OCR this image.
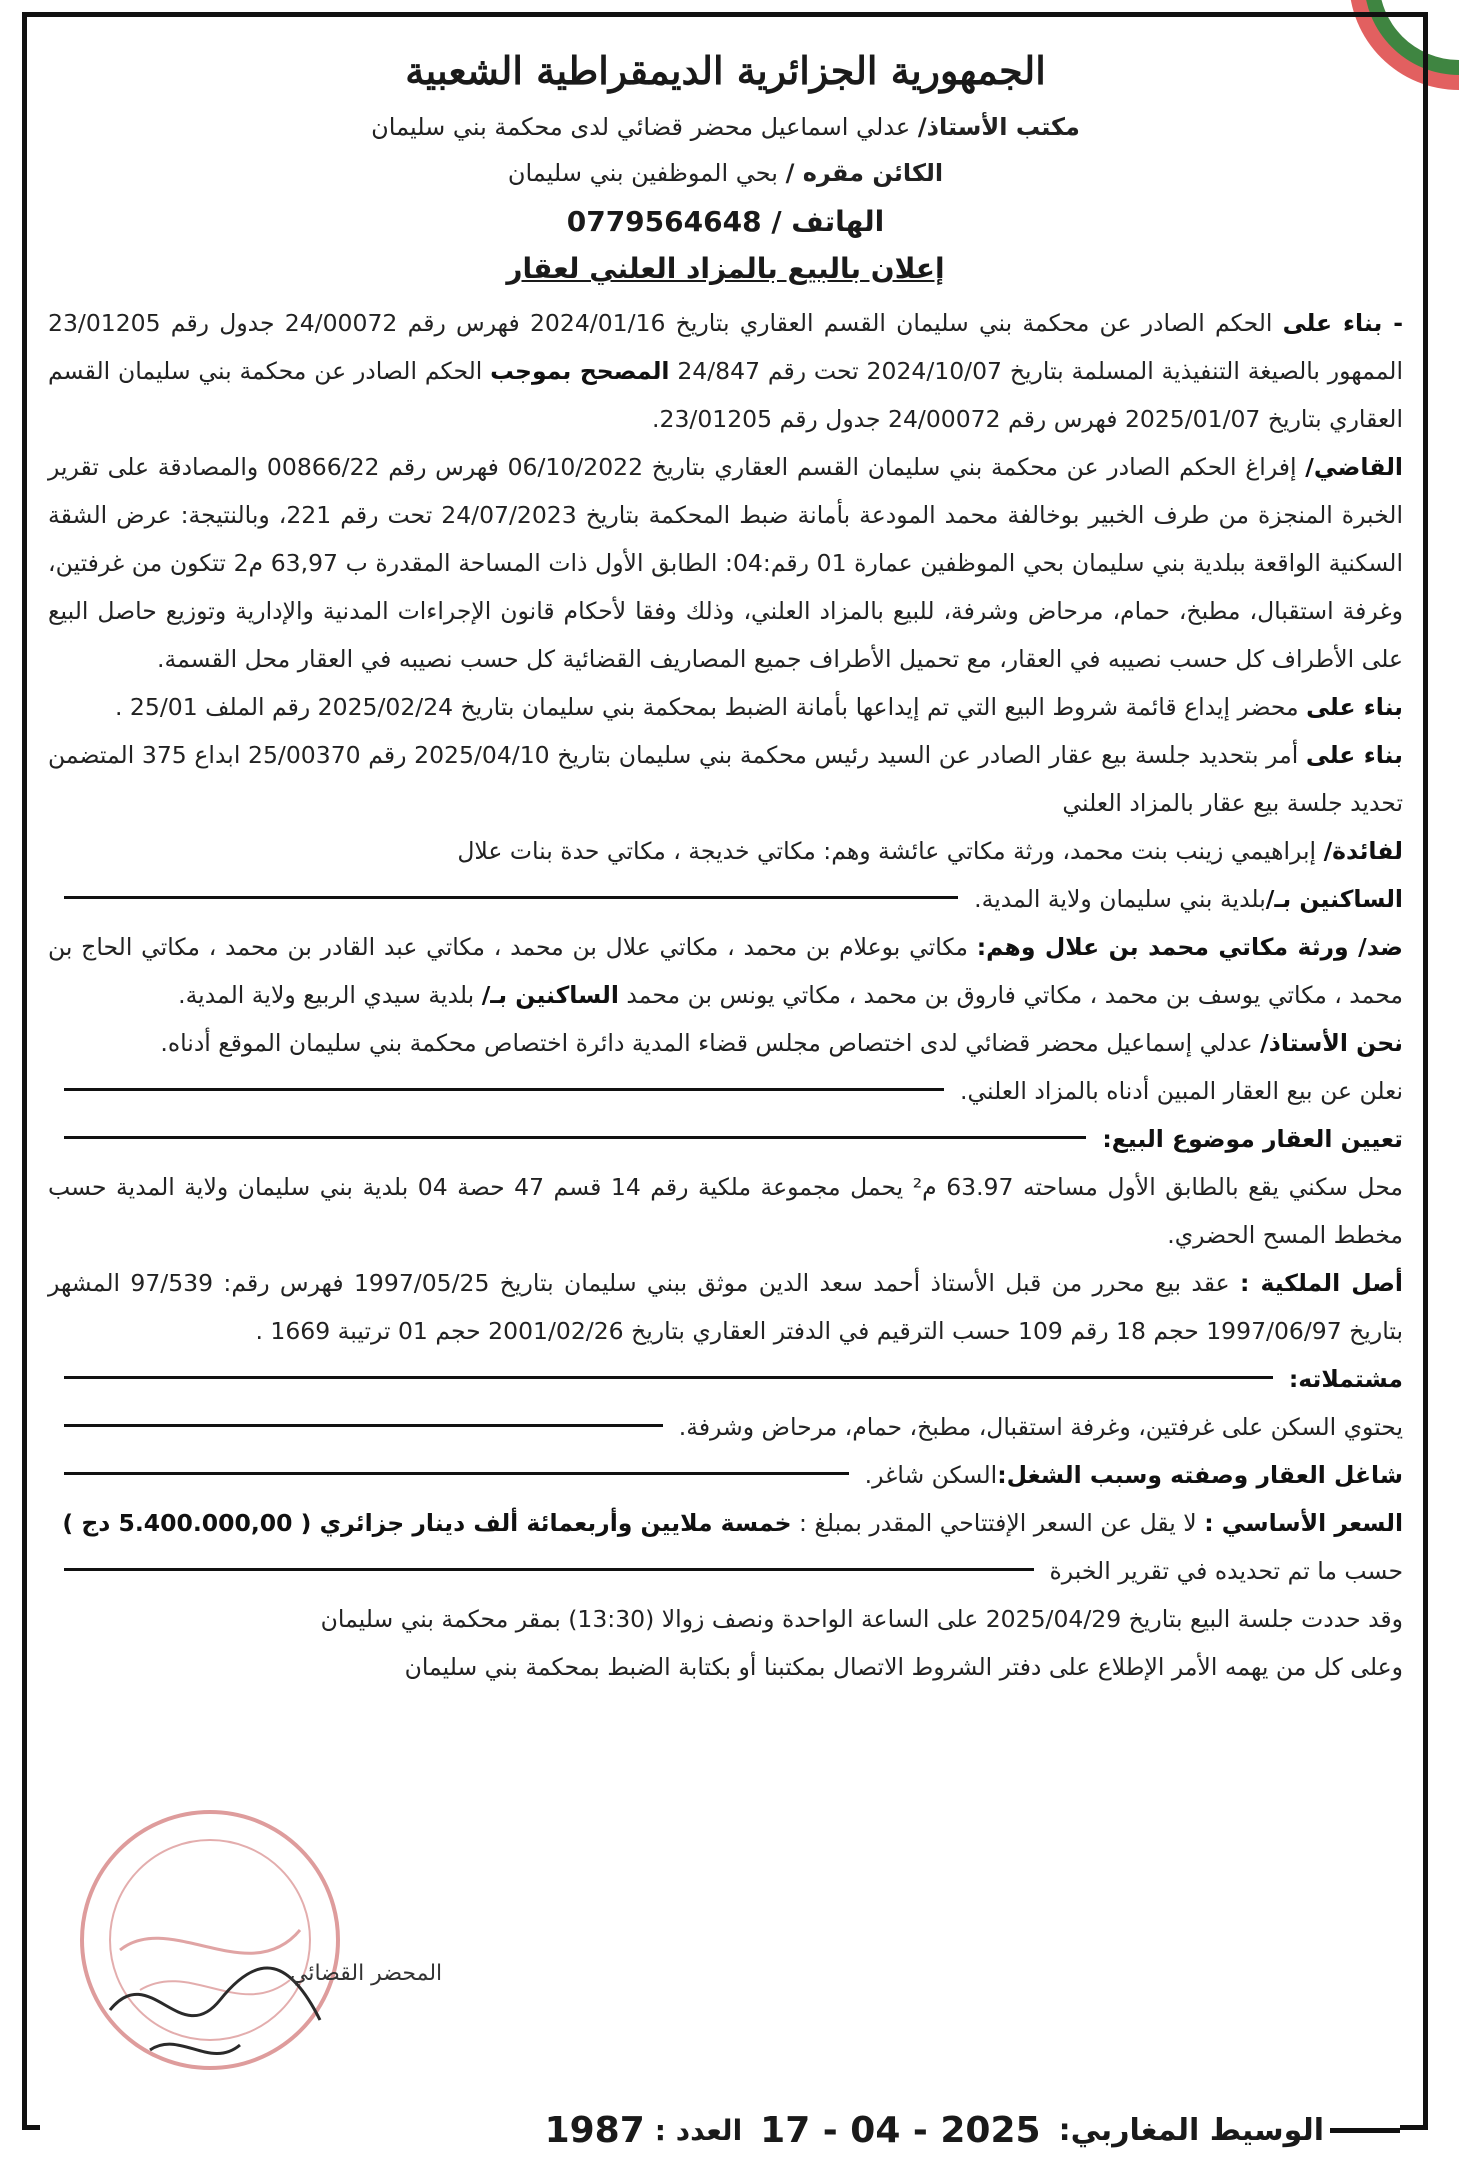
الجمهورية الجزائرية الديمقراطية الشعبية
مكتب الأستاذ/ عدلي اسماعيل محضر قضائي لدى محكمة بني سليمان
الكائن مقره / بحي الموظفين بني سليمان
الهاتف / 0779564648
إعلان بالبيع بالمزاد العلني لعقار

- بناء على الحكم الصادر عن محكمة بني سليمان القسم العقاري بتاريخ 2024/01/16 فهرس رقم 24/00072 جدول رقم 23/01205 الممهور بالصيغة التنفيذية المسلمة بتاريخ 2024/10/07 تحت رقم 24/847 المصحح بموجب الحكم الصادر عن محكمة بني سليمان القسم العقاري بتاريخ 2025/01/07 فهرس رقم 24/00072 جدول رقم 23/01205.

القاضي/ إفراغ الحكم الصادر عن محكمة بني سليمان القسم العقاري بتاريخ 06/10/2022 فهرس رقم 00866/22 والمصادقة على تقرير الخبرة المنجزة من طرف الخبير بوخالفة محمد المودعة بأمانة ضبط المحكمة بتاريخ 24/07/2023 تحت رقم 221، وبالنتيجة: عرض الشقة السكنية الواقعة ببلدية بني سليمان بحي الموظفين عمارة 01 رقم:04: الطابق الأول ذات المساحة المقدرة ب 63,97 م2 تتكون من غرفتين، وغرفة استقبال، مطبخ، حمام، مرحاض وشرفة، للبيع بالمزاد العلني، وذلك وفقا لأحكام قانون الإجراءات المدنية والإدارية وتوزيع حاصل البيع على الأطراف كل حسب نصيبه في العقار، مع تحميل الأطراف جميع المصاريف القضائية كل حسب نصيبه في العقار محل القسمة.

بناء على محضر إيداع قائمة شروط البيع التي تم إيداعها بأمانة الضبط بمحكمة بني سليمان بتاريخ 2025/02/24 رقم الملف 25/01 .

بناء على أمر بتحديد جلسة بيع عقار الصادر عن السيد رئيس محكمة بني سليمان بتاريخ 2025/04/10 رقم 25/00370 ابداع 375 المتضمن تحديد جلسة بيع عقار بالمزاد العلني

لفائدة/ إبراهيمي زينب بنت محمد، ورثة مكاتي عائشة وهم: مكاتي خديجة ، مكاتي حدة بنات علال

الساكنين بـ/
بلدية بني سليمان ولاية المدية.

ضد/ ورثة مكاتي محمد بن علال وهم: مكاتي بوعلام بن محمد ، مكاتي علال بن محمد ، مكاتي عبد القادر بن محمد ، مكاتي الحاج بن محمد ، مكاتي يوسف بن محمد ، مكاتي فاروق بن محمد ، مكاتي يونس بن محمد الساكنين بـ/ بلدية سيدي الربيع ولاية المدية.

نحن الأستاذ/ عدلي إسماعيل محضر قضائي لدى اختصاص مجلس قضاء المدية دائرة اختصاص محكمة بني سليمان الموقع أدناه.

نعلن عن بيع العقار المبين أدناه بالمزاد العلني.
تعيين العقار موضوع البيع:

محل سكني يقع بالطابق الأول مساحته 63.97 م² يحمل مجموعة ملكية رقم 14 قسم 47 حصة 04 بلدية بني سليمان ولاية المدية حسب مخطط المسح الحضري.

أصل الملكية : عقد بيع محرر من قبل الأستاذ أحمد سعد الدين موثق ببني سليمان بتاريخ 1997/05/25 فهرس رقم: 97/539 المشهر بتاريخ 1997/06/97 حجم 18 رقم 109 حسب الترقيم في الدفتر العقاري بتاريخ 2001/02/26 حجم 01 ترتيبة 1669 .

مشتملاته:
يحتوي السكن على غرفتين، وغرفة استقبال، مطبخ، حمام، مرحاض وشرفة.
شاغل العقار وصفته وسبب الشغل:
السكن شاغر.

السعر الأساسي : لا يقل عن السعر الإفتتاحي المقدر بمبلغ : خمسة ملايين وأربعمائة ألف دينار جزائري ( 5.400.000,00 دج )

حسب ما تم تحديده في تقرير الخبرة

وقد حددت جلسة البيع بتاريخ 2025/04/29 على الساعة الواحدة ونصف زوالا (13:30) بمقر محكمة بني سليمان

وعلى كل من يهمه الأمر الإطلاع على دفتر الشروط الاتصال بمكتبنا أو بكتابة الضبط بمحكمة بني سليمان

المحضر القضائي
الوسيط المغاربي:
17 - 04 - 2025
العدد :
1987
